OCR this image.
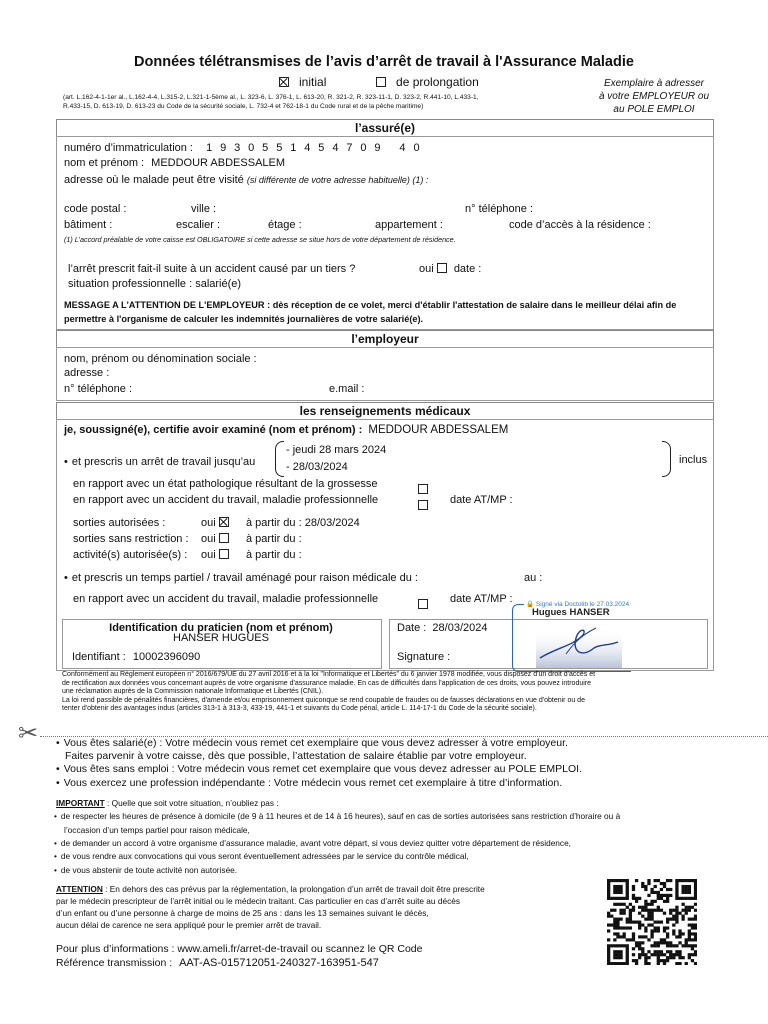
Données télétransmises de l’avis d’arrêt de travail à l'Assurance Maladie
initial	de prolongation
(art. L.162-4-1-1er al., L.162-4-4, L.315-2, L.321-1-5ème al., L. 323-6, L. 376-1, L. 613-20, R. 321-2, R. 323-11-1, D. 323-2, R.441-10, L.433-1,
R.433-15, D. 613-19, D. 613-23 du Code de la sécurité sociale, L. 732-4 et 762-18-1 du Code rural et de la pêche maritime)
Exemplaire à adresser
à votre EMPLOYEUR ou
au POLE EMPLOI
l’assuré(e)
numéro d’immatriculation : 1  9  3  0  5  5  1  4  5  4  7  0  9     4  0
nom et prénom : MEDDOUR ABDESSALEM
adresse où le malade peut être visité (si différente de votre adresse habituelle) (1) :
code postal :	ville :	n° téléphone :
bâtiment :	escalier :	étage :	appartement :	code d’accès à la résidence :
(1) L’accord préalable de votre caisse est OBLIGATOIRE si cette adresse se situe hors de votre département de résidence.
l’arrêt prescrit fait-il suite à un accident causé par un tiers ?	oui date :
situation professionnelle : salarié(e)
MESSAGE A L'ATTENTION DE L'EMPLOYEUR : dès réception de ce volet, merci d'établir l'attestation de salaire dans le meilleur délai afin de permettre à l'organisme de calculer les indemnités journalières de votre salarié(e).
l’employeur
nom, prénom ou dénomination sociale :
adresse :
n° téléphone :	e.mail :
les renseignements médicaux
je, soussigné(e), certifie avoir examiné (nom et prénom) : MEDDOUR ABDESSALEM
• et prescris un arrêt de travail jusqu’au
- jeudi 28 mars 2024
- 28/03/2024
inclus
en rapport avec un état pathologique résultant de la grossesse
en rapport avec un accident du travail, maladie professionnelle	date AT/MP :
sorties autorisées :	oui	à partir du : 28/03/2024
sorties sans restriction : oui	à partir du :
activité(s) autorisée(s) : oui	à partir du :
• et prescris un temps partiel / travail aménagé pour raison médicale du :	au :
en rapport avec un accident du travail, maladie professionnelle	date AT/MP :
Identification du praticien (nom et prénom)
HANSER HUGUES
Identifiant : 10002396090
Date : 28/03/2024
Signature :
🔒 Signé via Doctolib le 27.03.2024
Hugues HANSER
Conformément au Règlement européen n° 2016/679/UE du 27 avril 2016 et à la loi "Informatique et Libertés" du 6 janvier 1978 modifiée, vous disposez d'un droit d'accès et
de rectification aux données vous concernant auprès de votre organisme d'assurance maladie. En cas de difficultés dans l'application de ces droits, vous pouvez introduire
une réclamation auprès de la Commission nationale Informatique et Libertés (CNIL).
La loi rend passible de pénalités financières, d'amende et/ou emprisonnement quiconque se rend coupable de fraudes ou de fausses déclarations en vue d'obtenir ou de
tenter d'obtenir des avantages indus (articles 313-1 à 313-3, 433-19, 441-1 et suivants du Code pénal, article L. 114-17-1 du Code de la sécurité sociale).
✂
•	Vous êtes salarié(e) : Votre médecin vous remet cet exemplaire que vous devez adresser à votre employeur.
Faites parvenir à votre caisse, dès que possible, l’attestation de salaire établie par votre employeur.
• Vous êtes sans emploi : Votre médecin vous remet cet exemplaire que vous devez adresser au POLE EMPLOI.
• Vous exercez une profession indépendante : Votre médecin vous remet cet exemplaire à titre d’information.
IMPORTANT : Quelle que soit votre situation, n’oubliez pas :
• de respecter les heures de présence à domicile (de 9 à 11 heures et de 14 à 16 heures), sauf en cas de sorties autorisées sans restriction d’horaire ou à
l’occasion d’un temps partiel pour raison médicale,
• de demander un accord à votre organisme d’assurance maladie, avant votre départ, si vous deviez quitter votre département de résidence,
• de vous rendre aux convocations qui vous seront éventuellement adressées par le service du contrôle médical,
• de vous abstenir de toute activité non autorisée.
ATTENTION : En dehors des cas prévus par la réglementation, la prolongation d’un arrêt de travail doit être prescrite
par le médecin prescripteur de l’arrêt initial ou le médecin traitant. Cas particulier en cas d’arrêt suite au décès
d’un enfant ou d’une personne à charge de moins de 25 ans : dans les 13 semaines suivant le décès,
aucun délai de carence ne sera appliqué pour le premier arrêt de travail.
Pour plus d’informations : www.ameli.fr/arret-de-travail ou scannez le QR Code
Référence transmission : AAT-AS-015712051-240327-163951-547
